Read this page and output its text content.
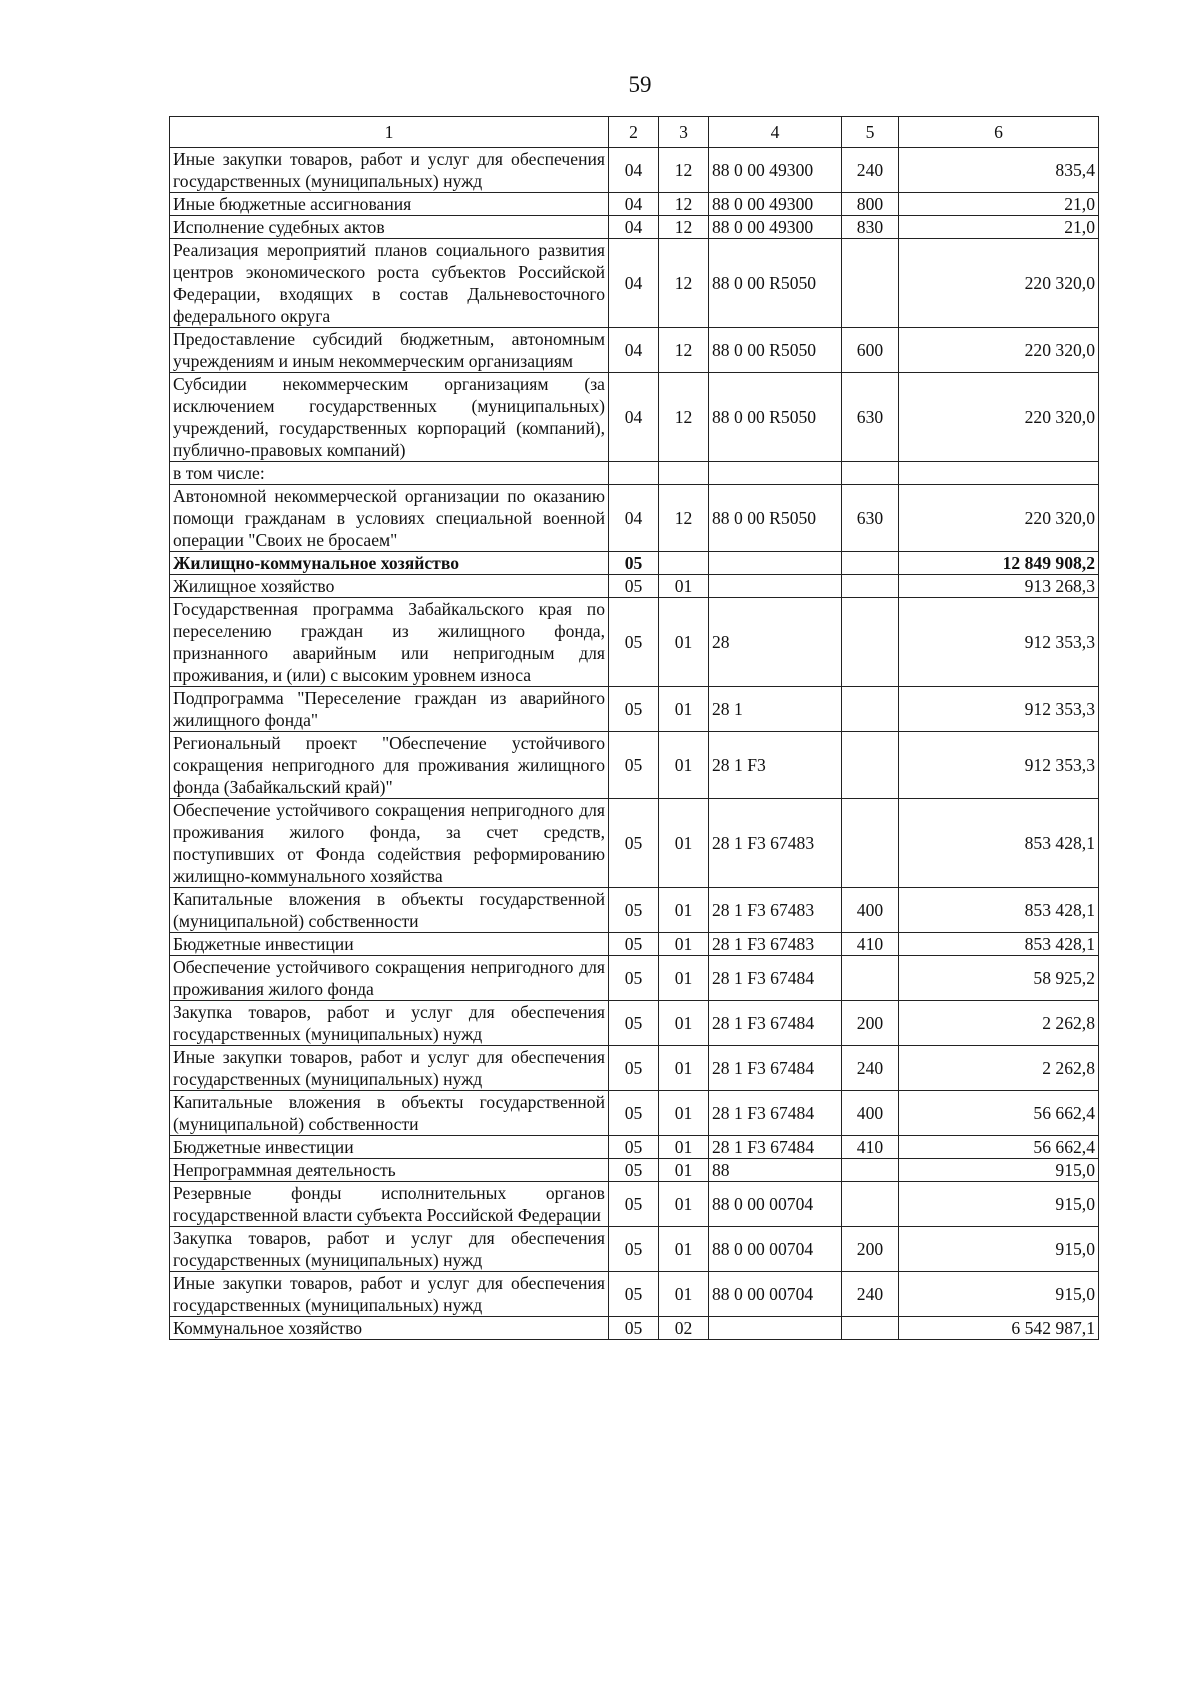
59
1	2	3	4	5	6
Иные закупки товаров, работ и услуг для обеспечения государственных (муниципальных) нужд	04	12	88 0 00 49300	240	835,4
Иные бюджетные ассигнования	04	12	88 0 00 49300	800	21,0
Исполнение судебных актов	04	12	88 0 00 49300	830	21,0
Реализация мероприятий планов социального развития центров экономического роста субъектов Российской Федерации, входящих в состав Дальневосточного федерального округа	04	12	88 0 00 R5050		220 320,0
Предоставление субсидий бюджетным, автономным учреждениям и иным некоммерческим организациям	04	12	88 0 00 R5050	600	220 320,0
Субсидии некоммерческим организациям (за исключением государственных (муниципальных) учреждений, государственных корпораций (компаний), публично-правовых компаний)	04	12	88 0 00 R5050	630	220 320,0
в том числе:					
Автономной некоммерческой организации по оказанию помощи гражданам в условиях специальной военной операции "Своих не бросаем"	04	12	88 0 00 R5050	630	220 320,0
Жилищно-коммунальное хозяйство	05				12 849 908,2
Жилищное хозяйство	05	01			913 268,3
Государственная программа Забайкальского края по переселению граждан из жилищного фонда, признанного аварийным или непригодным для проживания, и (или) с высоким уровнем износа	05	01	28		912 353,3
Подпрограмма "Переселение граждан из аварийного жилищного фонда"	05	01	28 1		912 353,3
Региональный проект "Обеспечение устойчивого сокращения непригодного для проживания жилищного фонда (Забайкальский край)"	05	01	28 1 F3		912 353,3
Обеспечение устойчивого сокращения непригодного для проживания жилого фонда, за счет средств, поступивших от Фонда содействия реформированию жилищно-коммунального хозяйства	05	01	28 1 F3 67483		853 428,1
Капитальные вложения в объекты государственной (муниципальной) собственности	05	01	28 1 F3 67483	400	853 428,1
Бюджетные инвестиции	05	01	28 1 F3 67483	410	853 428,1
Обеспечение устойчивого сокращения непригодного для проживания жилого фонда	05	01	28 1 F3 67484		58 925,2
Закупка товаров, работ и услуг для обеспечения государственных (муниципальных) нужд	05	01	28 1 F3 67484	200	2 262,8
Иные закупки товаров, работ и услуг для обеспечения государственных (муниципальных) нужд	05	01	28 1 F3 67484	240	2 262,8
Капитальные вложения в объекты государственной (муниципальной) собственности	05	01	28 1 F3 67484	400	56 662,4
Бюджетные инвестиции	05	01	28 1 F3 67484	410	56 662,4
Непрограммная деятельность	05	01	88		915,0
Резервные фонды исполнительных органов государственной власти субъекта Российской Федерации	05	01	88 0 00 00704		915,0
Закупка товаров, работ и услуг для обеспечения государственных (муниципальных) нужд	05	01	88 0 00 00704	200	915,0
Иные закупки товаров, работ и услуг для обеспечения государственных (муниципальных) нужд	05	01	88 0 00 00704	240	915,0
Коммунальное хозяйство	05	02			6 542 987,1
